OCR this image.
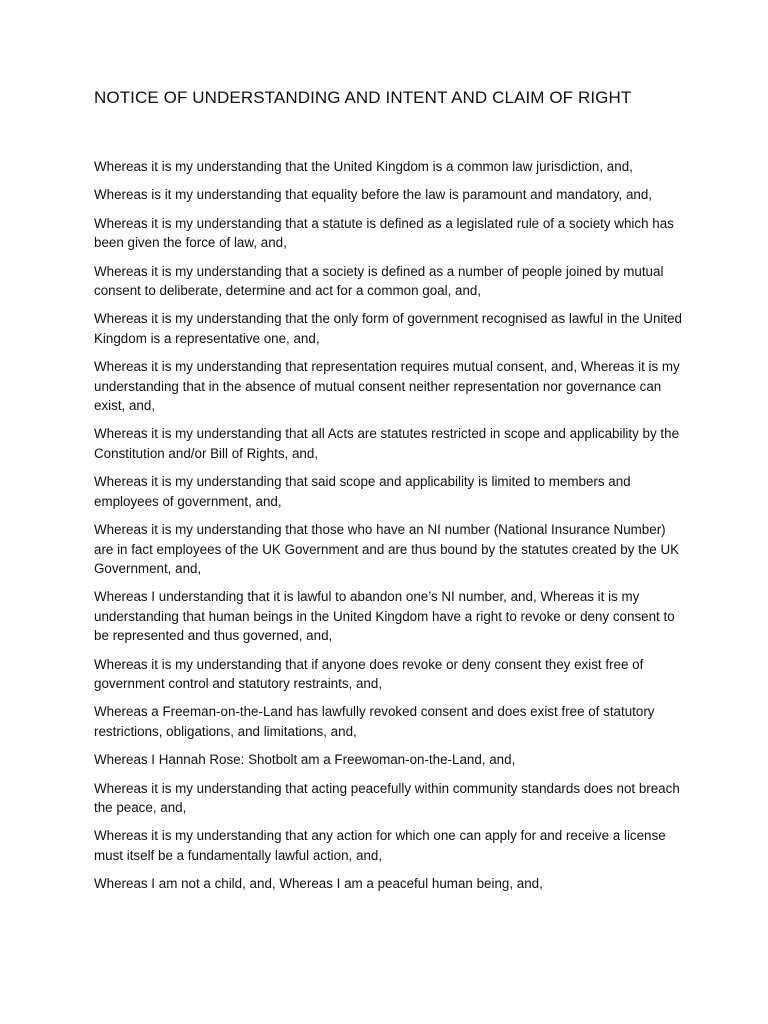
NOTICE OF UNDERSTANDING AND INTENT AND CLAIM OF RIGHT

Whereas it is my understanding that the United Kingdom is a common law jurisdiction, and,

Whereas is it my understanding that equality before the law is paramount and mandatory, and,

Whereas it is my understanding that a statute is defined as a legislated rule of a society which has been given the force of law, and,

Whereas it is my understanding that a society is defined as a number of people joined by mutual consent to deliberate, determine and act for a common goal, and,

Whereas it is my understanding that the only form of government recognised as lawful in the United Kingdom is a representative one, and,

Whereas it is my understanding that representation requires mutual consent, and, Whereas it is my understanding that in the absence of mutual consent neither representation nor governance can exist, and,

Whereas it is my understanding that all Acts are statutes restricted in scope and applicability by the Constitution and/or Bill of Rights, and,

Whereas it is my understanding that said scope and applicability is limited to members and employees of government, and,

Whereas it is my understanding that those who have an NI number (National Insurance Number) are in fact employees of the UK Government and are thus bound by the statutes created by the UK Government, and,

Whereas I understanding that it is lawful to abandon one’s NI number, and, Whereas it is my understanding that human beings in the United Kingdom have a right to revoke or deny consent to be represented and thus governed, and,

Whereas it is my understanding that if anyone does revoke or deny consent they exist free of government control and statutory restraints, and,

Whereas a Freeman-on-the-Land has lawfully revoked consent and does exist free of statutory restrictions, obligations, and limitations, and,

Whereas I Hannah Rose: Shotbolt am a Freewoman-on-the-Land, and,

Whereas it is my understanding that acting peacefully within community standards does not breach the peace, and,

Whereas it is my understanding that any action for which one can apply for and receive a license must itself be a fundamentally lawful action, and,

Whereas I am not a child, and, Whereas I am a peaceful human being, and,
